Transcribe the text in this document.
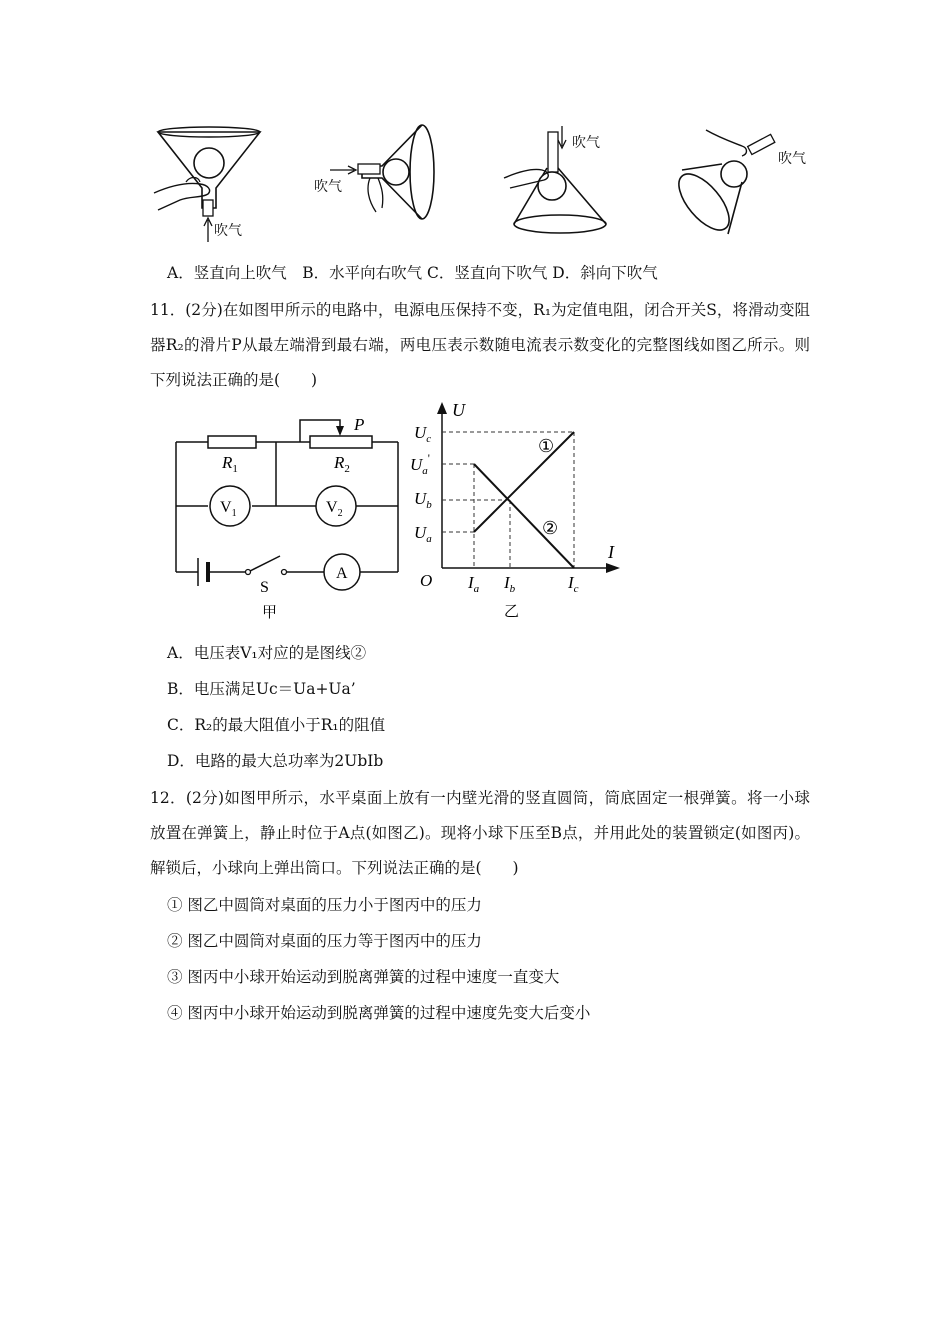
吹气
吹气
吹气
吹气
A．竖直向上吹气　B．水平向右吹气 C．竖直向下吹气 D．斜向下吹气
11．(2分)在如图甲所示的电路中，电源电压保持不变，R₁为定值电阻，闭合开关S，将滑动变阻器R₂的滑片P从最左端滑到最右端，两电压表示数随电流表示数变化的完整图线如图乙所示。则下列说法正确的是(　　)
$R_1$	$R_2$
P
$V_1$	$V_2$
S
A
甲
U
I
O
$U_c$
$U_a'$
$U_b$
$U_a$
$I_a$ $I_b$	$I_c$
①
②
乙
A．电压表V₁对应的是图线②
B．电压满足Uc＝Ua+Ua’
C．R₂的最大阻值小于R₁的阻值
D．电路的最大总功率为2UbIb
12．(2分)如图甲所示，水平桌面上放有一内壁光滑的竖直圆筒，筒底固定一根弹簧。将一小球放置在弹簧上，静止时位于A点(如图乙)。现将小球下压至B点，并用此处的装置锁定(如图丙)。解锁后，小球向上弹出筒口。下列说法正确的是(　　)
① 图乙中圆筒对桌面的压力小于图丙中的压力
② 图乙中圆筒对桌面的压力等于图丙中的压力
③ 图丙中小球开始运动到脱离弹簧的过程中速度一直变大
④ 图丙中小球开始运动到脱离弹簧的过程中速度先变大后变小
